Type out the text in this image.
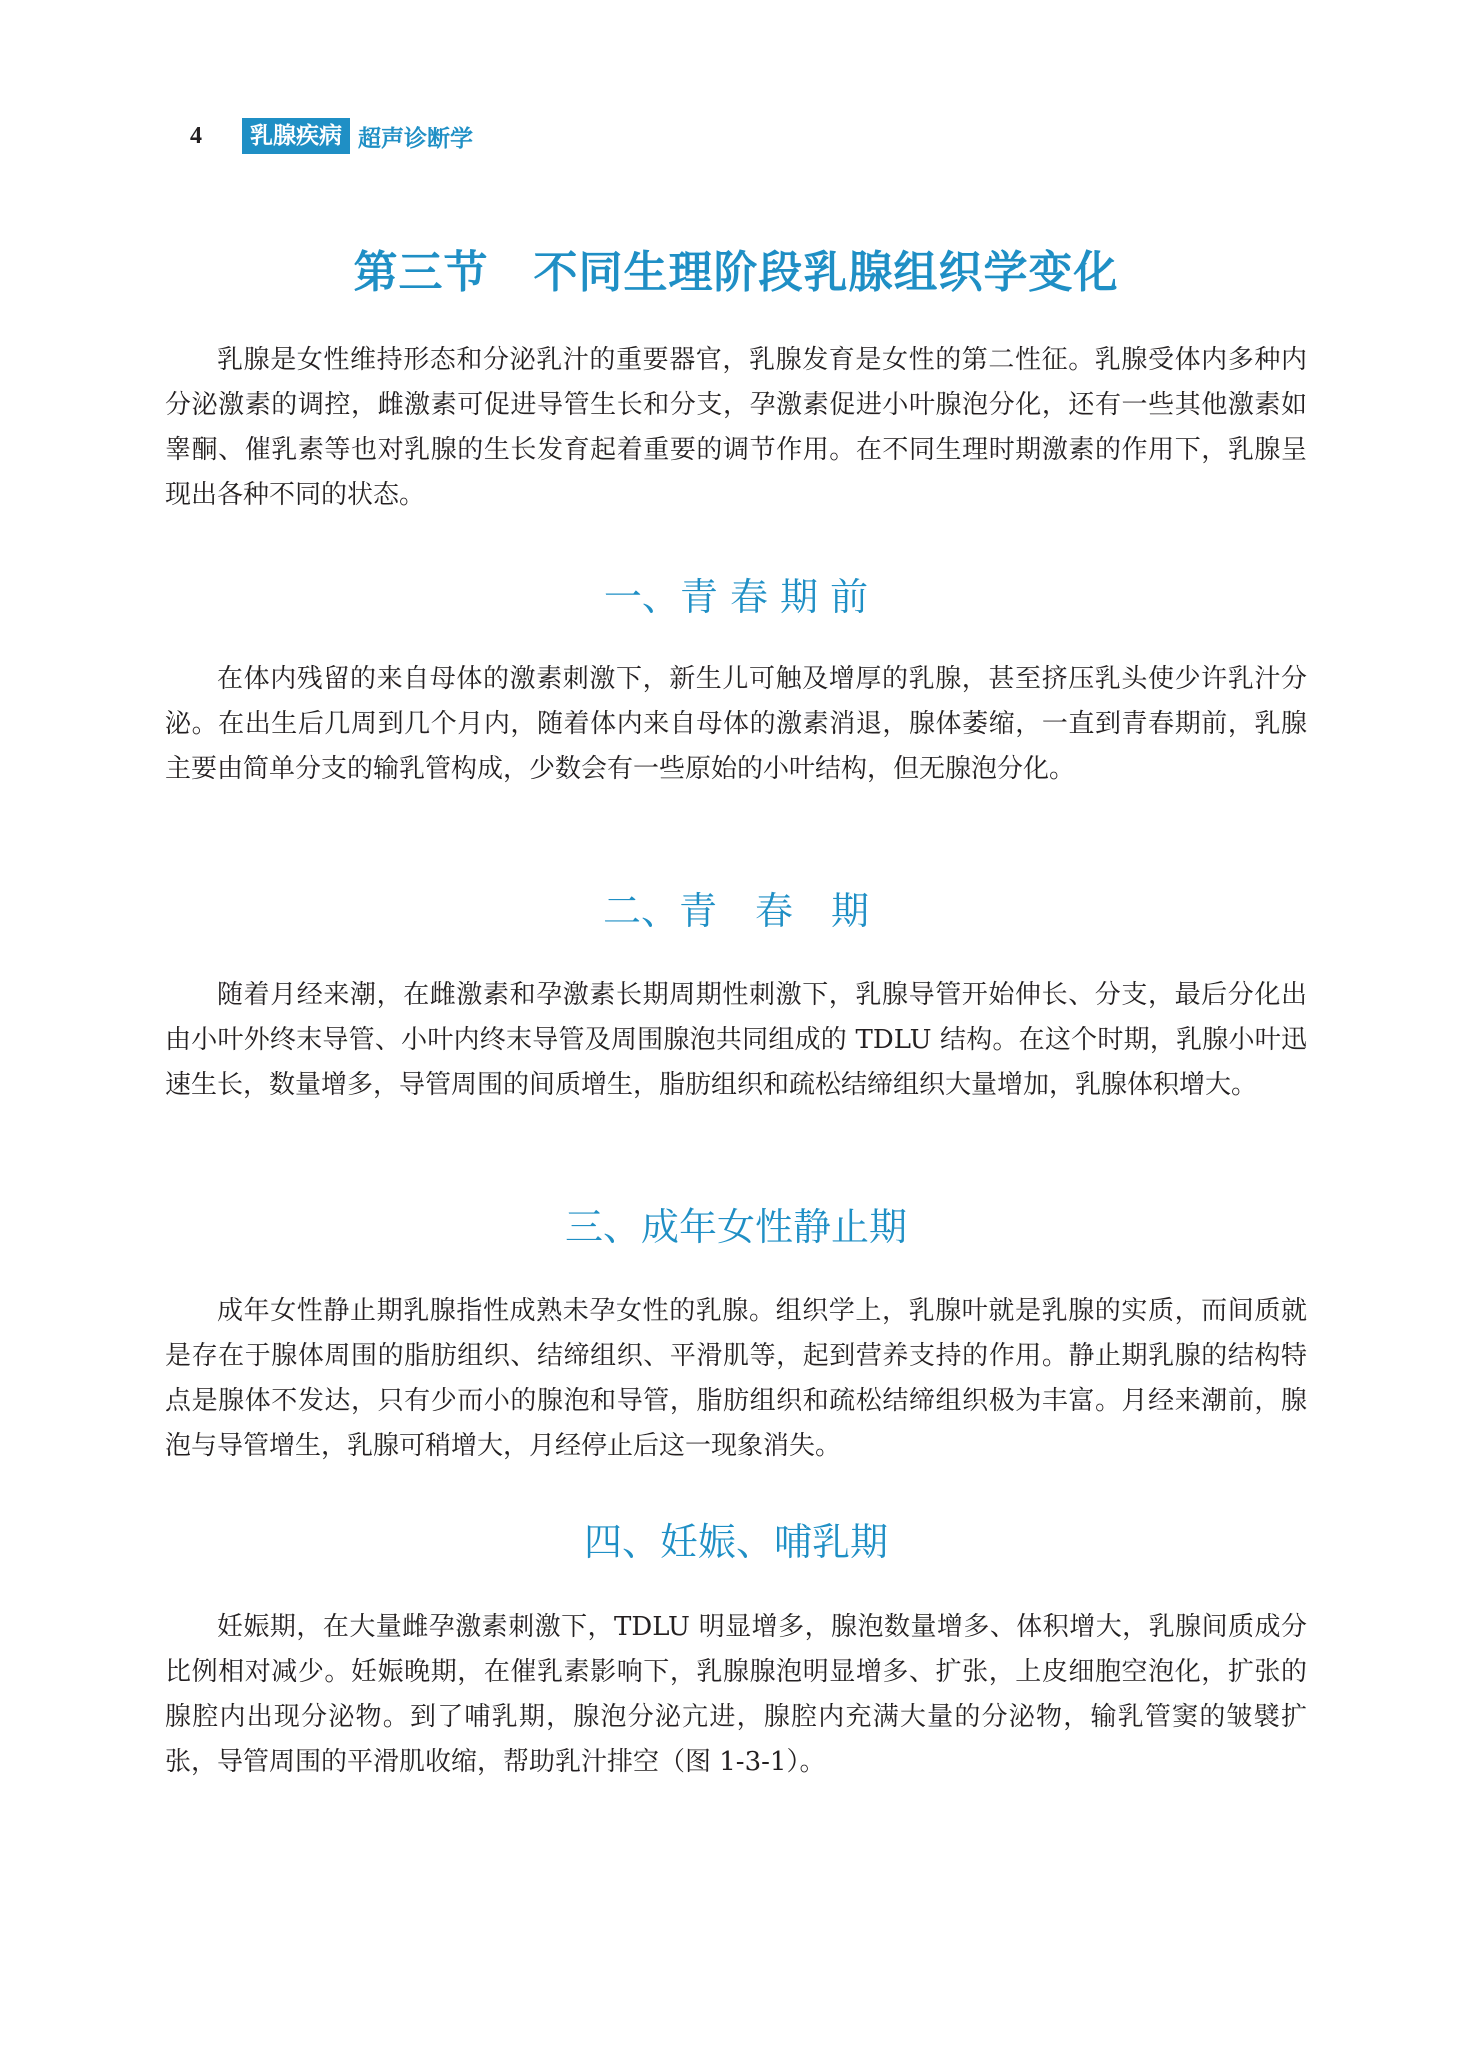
4	乳腺疾病 超声诊断学
第三节　不同生理阶段乳腺组织学变化

乳腺是女性维持形态和分泌乳汁的重要器官，乳腺发育是女性的第二性征。乳腺受体内多种内分泌激素的调控，雌激素可促进导管生长和分支，孕激素促进小叶腺泡分化，还有一些其他激素如睾酮、催乳素等也对乳腺的生长发育起着重要的调节作用。在不同生理时期激素的作用下，乳腺呈现出各种不同的状态。

一、青 春 期 前

在体内残留的来自母体的激素刺激下，新生儿可触及增厚的乳腺，甚至挤压乳头使少许乳汁分泌。在出生后几周到几个月内，随着体内来自母体的激素消退，腺体萎缩，一直到青春期前，乳腺主要由简单分支的输乳管构成，少数会有一些原始的小叶结构，但无腺泡分化。

二、青　春　期

随着月经来潮，在雌激素和孕激素长期周期性刺激下，乳腺导管开始伸长、分支，最后分化出由小叶外终末导管、小叶内终末导管及周围腺泡共同组成的 TDLU 结构。在这个时期，乳腺小叶迅速生长，数量增多，导管周围的间质增生，脂肪组织和疏松结缔组织大量增加，乳腺体积增大。

三、成年女性静止期

成年女性静止期乳腺指性成熟未孕女性的乳腺。组织学上，乳腺叶就是乳腺的实质，而间质就是存在于腺体周围的脂肪组织、结缔组织、平滑肌等，起到营养支持的作用。静止期乳腺的结构特点是腺体不发达，只有少而小的腺泡和导管，脂肪组织和疏松结缔组织极为丰富。月经来潮前，腺泡与导管增生，乳腺可稍增大，月经停止后这一现象消失。

四、妊娠、哺乳期

妊娠期，在大量雌孕激素刺激下，TDLU 明显增多，腺泡数量增多、体积增大，乳腺间质成分比例相对减少。妊娠晚期，在催乳素影响下，乳腺腺泡明显增多、扩张，上皮细胞空泡化，扩张的腺腔内出现分泌物。到了哺乳期，腺泡分泌亢进，腺腔内充满大量的分泌物，输乳管窦的皱襞扩张，导管周围的平滑肌收缩，帮助乳汁排空（图 1-3-1）。
